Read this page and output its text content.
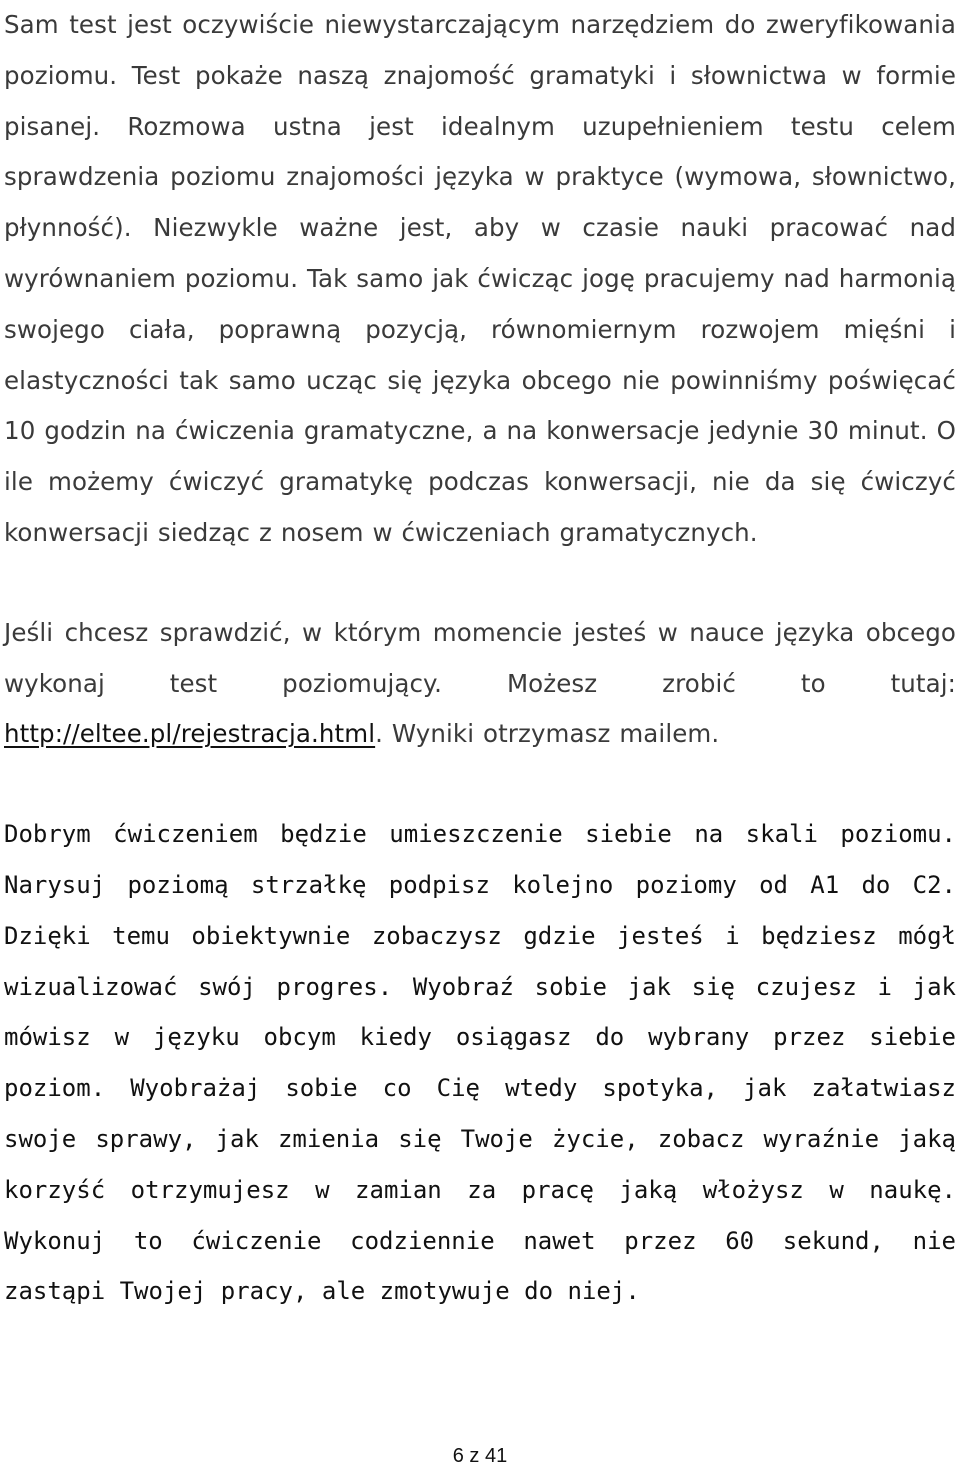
Sam test jest oczywiście niewystarczającym narzędziem do zweryfikowania poziomu. Test pokaże naszą znajomość gramatyki i słownictwa w formie pisanej. Rozmowa ustna jest idealnym uzupełnieniem testu celem sprawdzenia poziomu znajomości języka w praktyce (wymowa, słownictwo, płynność). Niezwykle ważne jest, aby w czasie nauki pracować nad wyrównaniem poziomu. Tak samo jak ćwicząc jogę pracujemy nad harmonią swojego ciała, poprawną pozycją, równomiernym rozwojem mięśni i elastyczności tak samo ucząc się języka obcego nie powinniśmy poświęcać 10 godzin na ćwiczenia gramatyczne, a na konwersacje jedynie 30 minut. O ile możemy ćwiczyć gramatykę podczas konwersacji, nie da się ćwiczyć konwersacji siedząc z nosem w ćwiczeniach gramatycznych.

Jeśli chcesz sprawdzić, w którym momencie jesteś w nauce języka obcego wykonaj test poziomujący. Możesz zrobić to tutaj: http://eltee.pl/rejestracja.html. Wyniki otrzymasz mailem.

Dobrym ćwiczeniem będzie umieszczenie siebie na skali poziomu. Narysuj poziomą strzałkę podpisz kolejno poziomy od A1 do C2. Dzięki temu obiektywnie zobaczysz gdzie jesteś i będziesz mógł wizualizować swój progres. Wyobraź sobie jak się czujesz i jak mówisz w języku obcym kiedy osiągasz do wybrany przez siebie poziom. Wyobrażaj sobie co Cię wtedy spotyka, jak załatwiasz swoje sprawy, jak zmienia się Twoje życie, zobacz wyraźnie jaką korzyść otrzymujesz w zamian za pracę jaką włożysz w naukę. Wykonuj to ćwiczenie codziennie nawet przez 60 sekund, nie zastąpi Twojej pracy, ale zmotywuje do niej.

6 z 41
